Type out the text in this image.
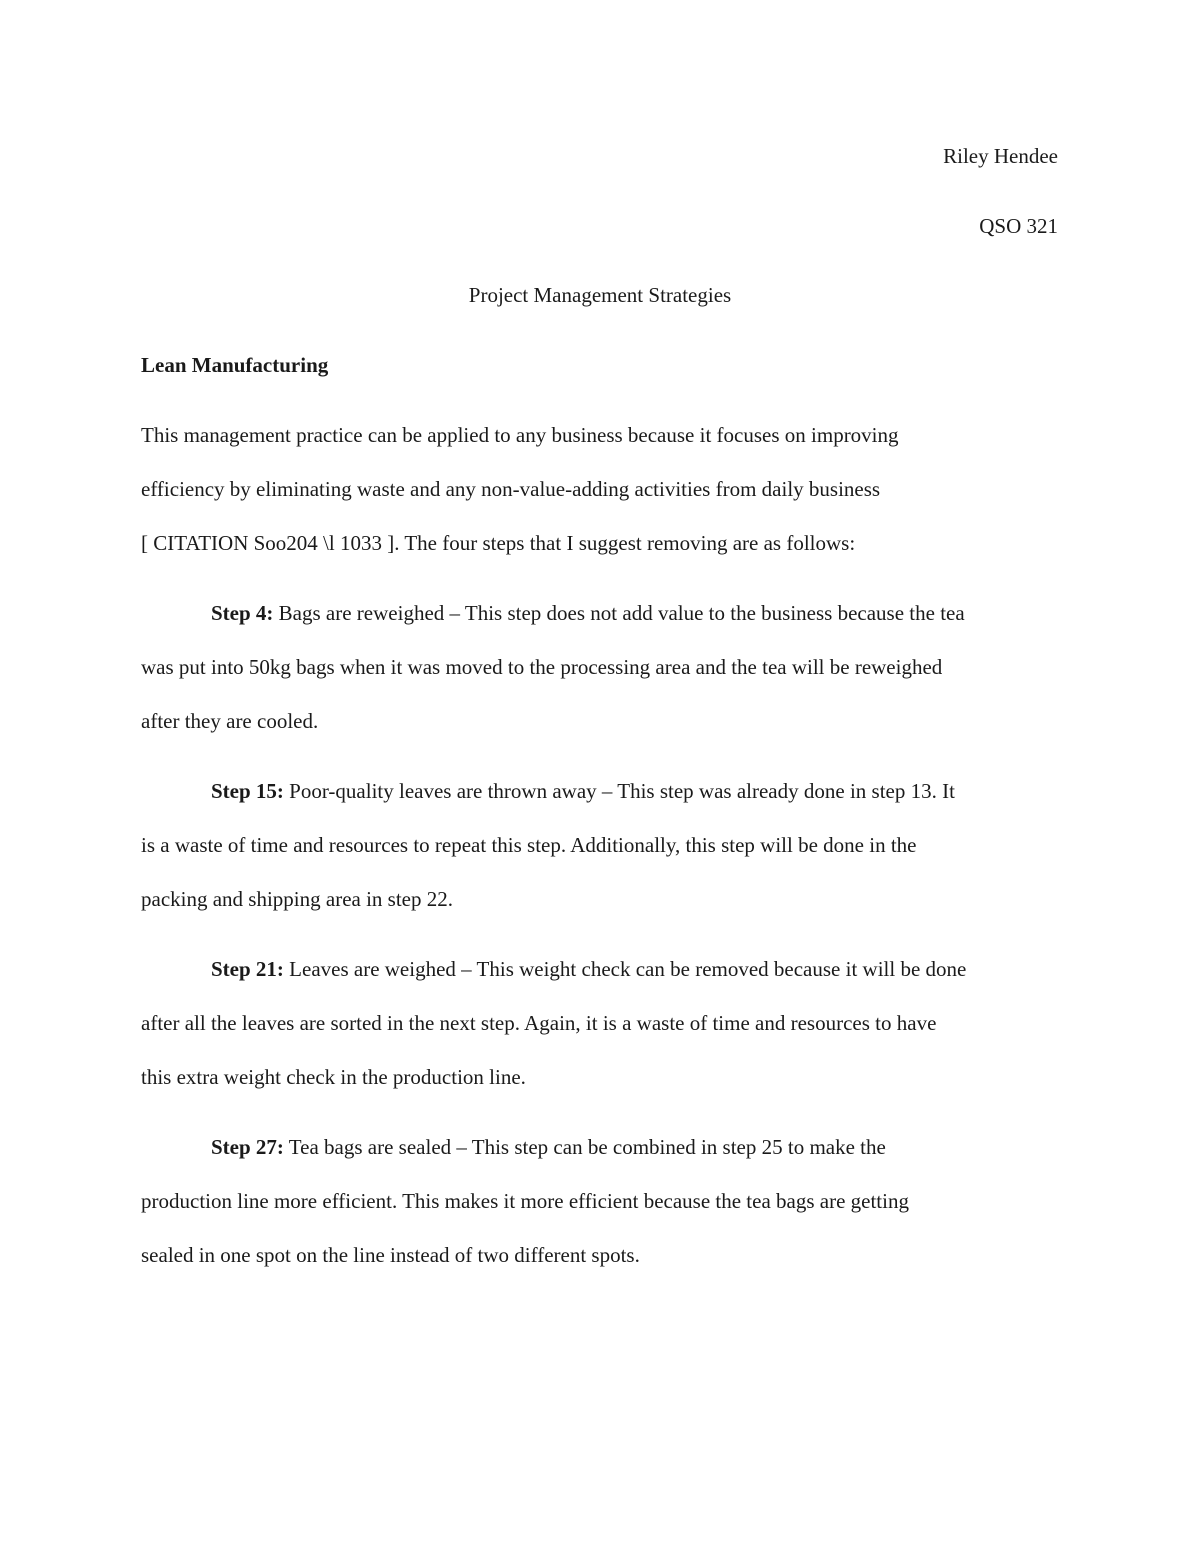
Riley Hendee
QSO 321
Project Management Strategies
Lean Manufacturing
This management practice can be applied to any business because it focuses on improving
efficiency by eliminating waste and any non-value-adding activities from daily business
[ CITATION Soo204 \l 1033 ]. The four steps that I suggest removing are as follows:
Step 4: Bags are reweighed – This step does not add value to the business because the tea
was put into 50kg bags when it was moved to the processing area and the tea will be reweighed
after they are cooled.
Step 15: Poor-quality leaves are thrown away – This step was already done in step 13. It
is a waste of time and resources to repeat this step. Additionally, this step will be done in the
packing and shipping area in step 22.
Step 21: Leaves are weighed – This weight check can be removed because it will be done
after all the leaves are sorted in the next step. Again, it is a waste of time and resources to have
this extra weight check in the production line.
Step 27: Tea bags are sealed – This step can be combined in step 25 to make the
production line more efficient. This makes it more efficient because the tea bags are getting
sealed in one spot on the line instead of two different spots.
